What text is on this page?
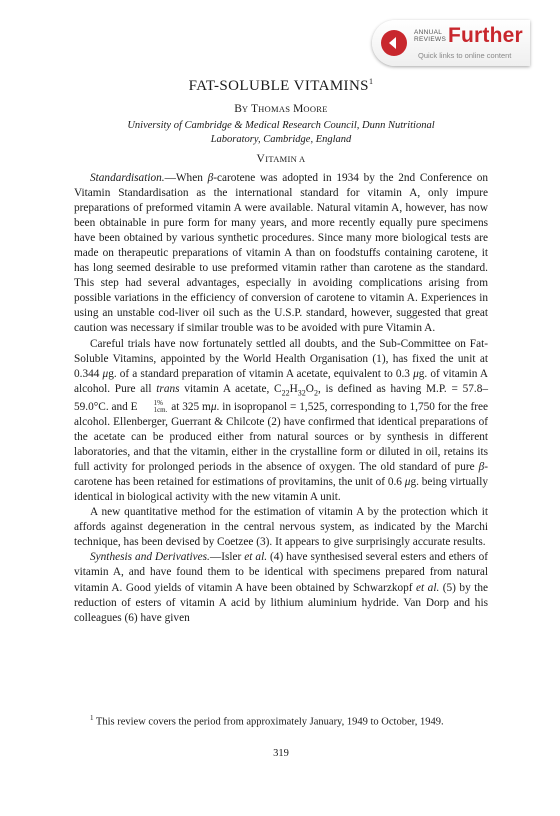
ANNUAL
REVIEWS Further
Quick links to online content
FAT-SOLUBLE VITAMINS$^1$
BY THOMAS MOORE
University of Cambridge & Medical Research Council, Dunn Nutritional
Laboratory, Cambridge, England
VITAMIN A

Standardisation.—When β-carotene was adopted in 1934 by the 2nd Conference on Vitamin Standardisation as the international standard for vitamin A, only impure preparations of preformed vitamin A were available. Natural vitamin A, however, has now been obtainable in pure form for many years, and more recently equally pure specimens have been obtained by various synthetic procedures. Since many more biological tests are made on therapeutic preparations of vitamin A than on foodstuffs containing carotene, it has long seemed desirable to use preformed vitamin rather than carotene as the standard. This step had several advantages, especially in avoiding complications arising from possible variations in the efficiency of conversion of carotene to vitamin A. Experiences in using an unstable cod-liver oil such as the U.S.P. standard, however, suggested that great caution was necessary if similar trouble was to be avoided with pure Vitamin A.

Careful trials have now fortunately settled all doubts, and the Sub-Committee on Fat-Soluble Vitamins, appointed by the World Health Organisation (1), has fixed the unit at 0.344 μg. of a standard preparation of vitamin A acetate, equivalent to 0.3 μg. of vitamin A alcohol. Pure all trans vitamin A acetate, $C_{22}H_{32}O_2$, is defined as having M.P. = 57.8–59.0°C. and E	1%
1cm. at 325 mμ. in isopropanol = 1,525, corresponding to 1,750 for the free alcohol. Ellenberger, Guerrant & Chilcote (2) have confirmed that identical preparations of the acetate can be produced either from natural sources or by synthesis in different laboratories, and that the vitamin, either in the crystalline form or diluted in oil, retains its full activity for prolonged periods in the absence of oxygen. The old standard of pure β-carotene has been retained for estimations of provitamins, the unit of 0.6 μg. being virtually identical in biological activity with the new vitamin A unit.

A new quantitative method for the estimation of vitamin A by the protection which it affords against degeneration in the central nervous system, as indicated by the Marchi technique, has been devised by Coetzee (3). It appears to give surprisingly accurate results.

Synthesis and Derivatives.—Isler et al. (4) have synthesised several esters and ethers of vitamin A, and have found them to be identical with specimens prepared from natural vitamin A. Good yields of vitamin A have been obtained by Schwarzkopf et al. (5) by the reduction of esters of vitamin A acid by lithium aluminium hydride. Van Dorp and his colleagues (6) have given

$^1$ This review covers the period from approximately January, 1949 to October, 1949.

319
